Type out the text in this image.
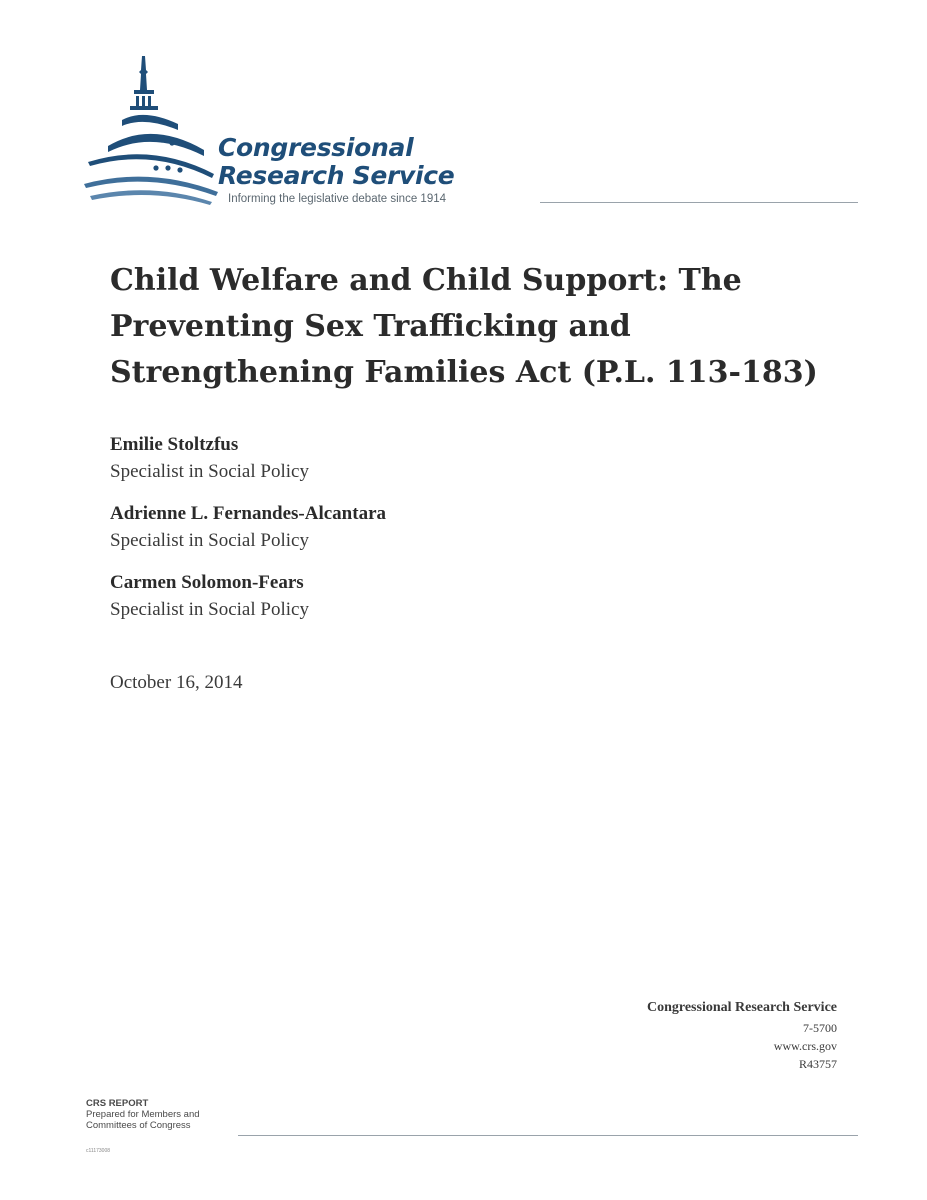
Congressional
Research Service
Informing the legislative debate since 1914
Child Welfare and Child Support: The Preventing Sex Trafficking and Strengthening Families Act (P.L. 113-183)
Emilie Stoltzfus
Specialist in Social Policy
Adrienne L. Fernandes-Alcantara
Specialist in Social Policy
Carmen Solomon-Fears
Specialist in Social Policy
October 16, 2014
Congressional Research Service
7-5700
www.crs.gov
R43757
CRS REPORT
Prepared for Members and
Committees of Congress
c11173008
